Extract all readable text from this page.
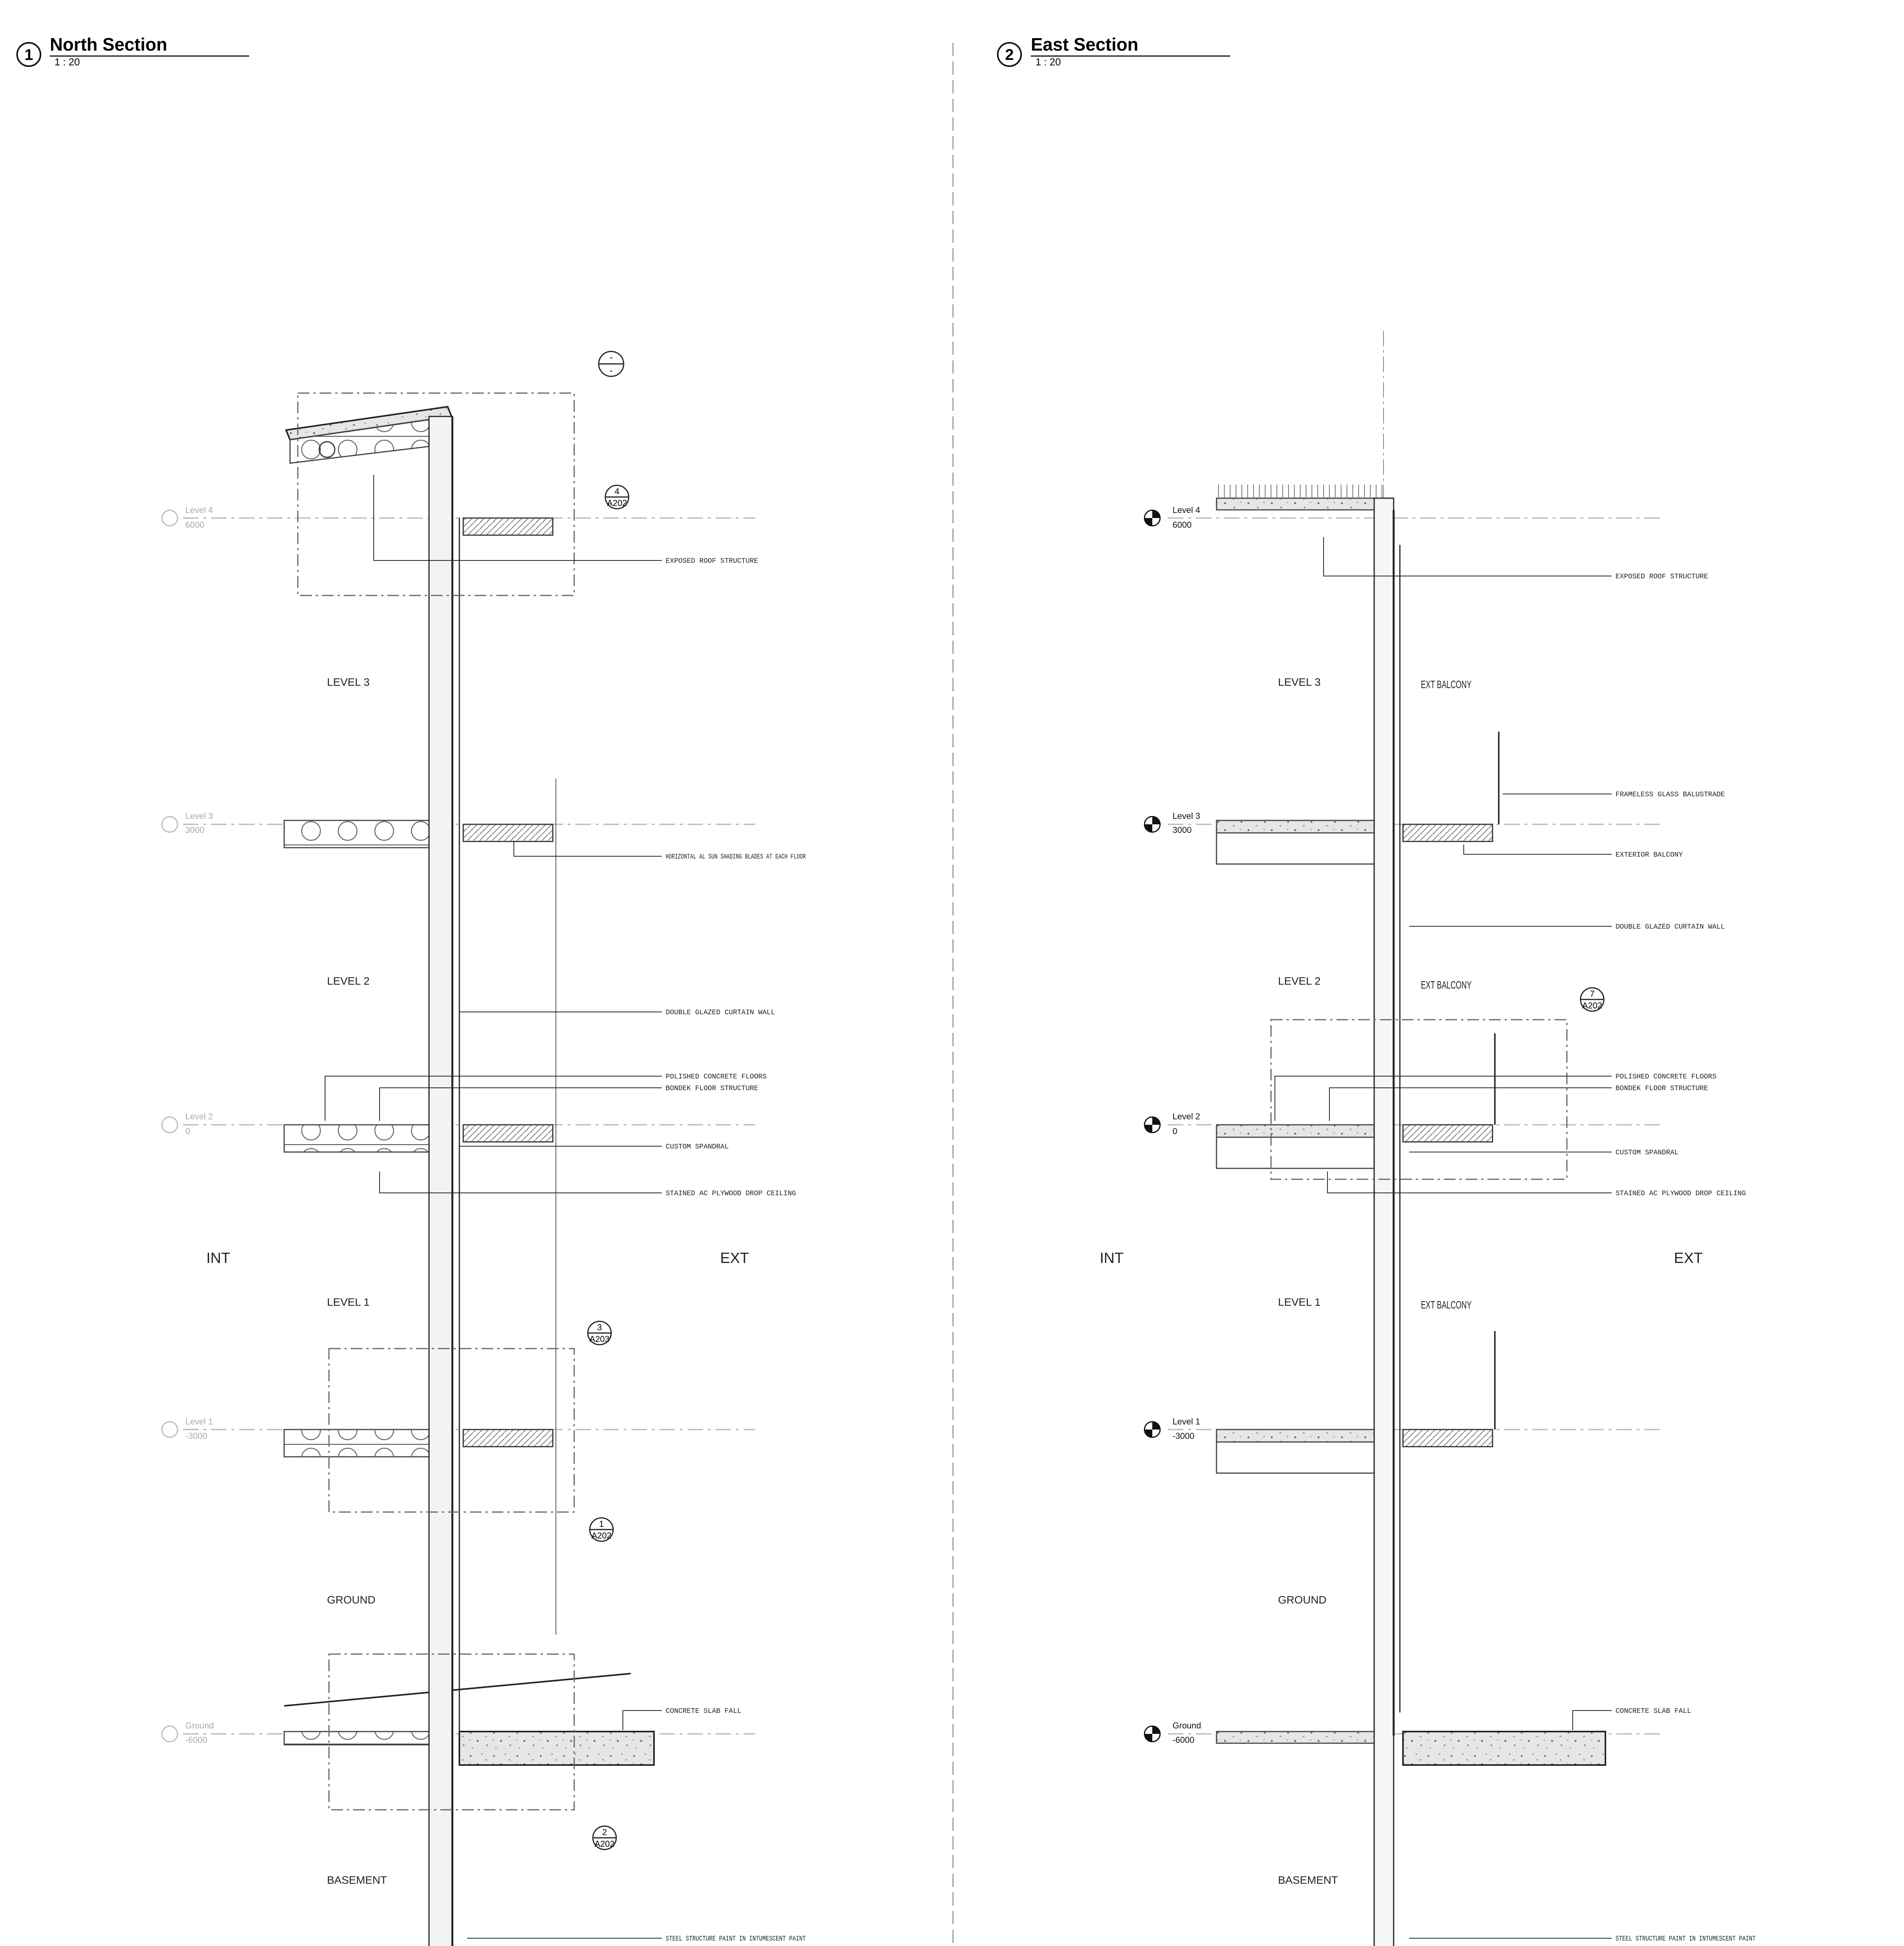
1
North Section
1 : 20
Level 4
6000
Level 3
3000
Level 2
0
Level 1
-3000
Ground
-6000
-
-
4
A202
3
A203
1
A202
2
A202
LEVEL 3
LEVEL 2
LEVEL 1
GROUND
BASEMENT
INT	EXT
EXPOSED ROOF STRUCTURE
HORIZONTAL AL SUN SHADING BLADES AT EACH FLOOR
DOUBLE GLAZED CURTAIN WALL
POLISHED CONCRETE FLOORS
BONDEK FLOOR STRUCTURE
CUSTOM SPANDRAL
STAINED AC PLYWOOD DROP CEILING
CONCRETE SLAB FALL
STEEL STRUCTURE PAINT IN INTUMESCENT PAINT
2
East Section
1 : 20
Level 4
6000
Level 3
3000
Level 2
0
Level 1
-3000
Ground
-6000
7
A202
LEVEL 3
LEVEL 2
LEVEL 1
GROUND
BASEMENT
INT	EXT
EXT BALCONY
EXT BALCONY
EXT BALCONY
EXPOSED ROOF STRUCTURE
FRAMELESS GLASS BALUSTRADE
EXTERIOR BALCONY
DOUBLE GLAZED CURTAIN WALL
POLISHED CONCRETE FLOORS
BONDEK FLOOR STRUCTURE
CUSTOM SPANDRAL
STAINED AC PLYWOOD DROP CEILING
CONCRETE SLAB FALL
STEEL STRUCTURE PAINT IN INTUMESCENT PAINT
